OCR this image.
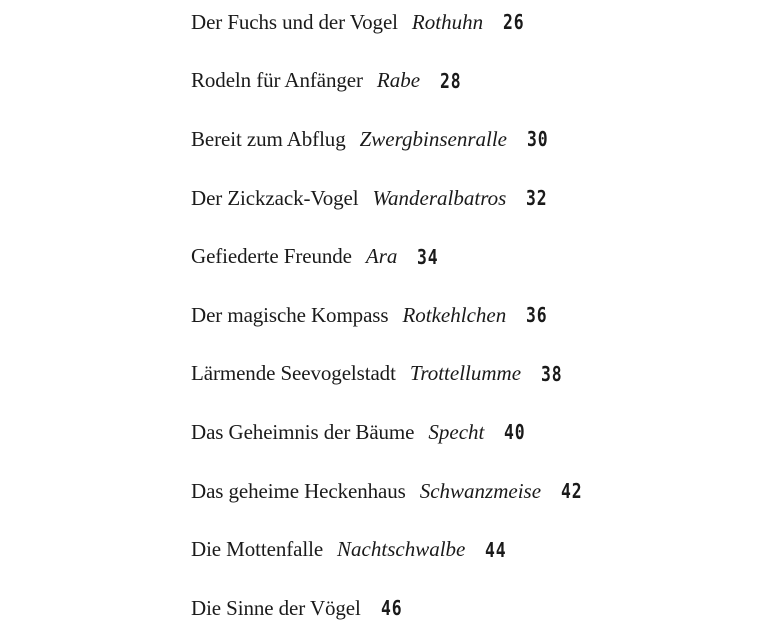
Der Fuchs und der Vogel Rothuhn 26
Rodeln für Anfänger Rabe 28
Bereit zum Abflug Zwergbinsenralle 30
Der Zickzack-Vogel Wanderalbatros 32
Gefiederte Freunde Ara 34
Der magische Kompass Rotkehlchen 36
Lärmende Seevogelstadt Trottellumme 38
Das Geheimnis der Bäume Specht 40
Das geheime Heckenhaus Schwanzmeise 42
Die Mottenfalle Nachtschwalbe 44
Die Sinne der Vögel 46
